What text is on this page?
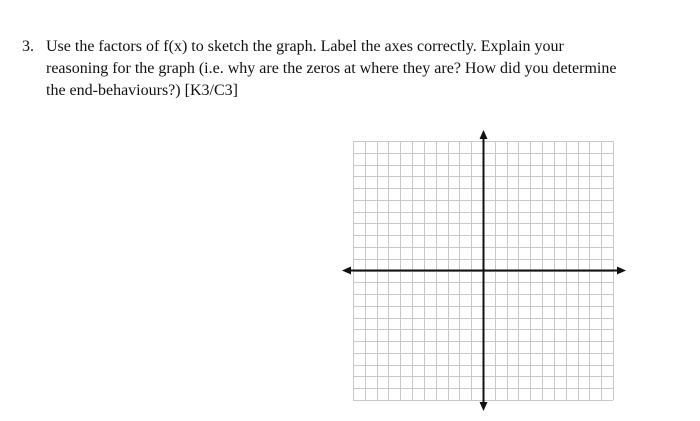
3. Use the factors of f(x) to sketch the graph. Label the axes correctly. Explain your
reasoning for the graph (i.e. why are the zeros at where they are? How did you determine
the end-behaviours?) [K3/C3]
